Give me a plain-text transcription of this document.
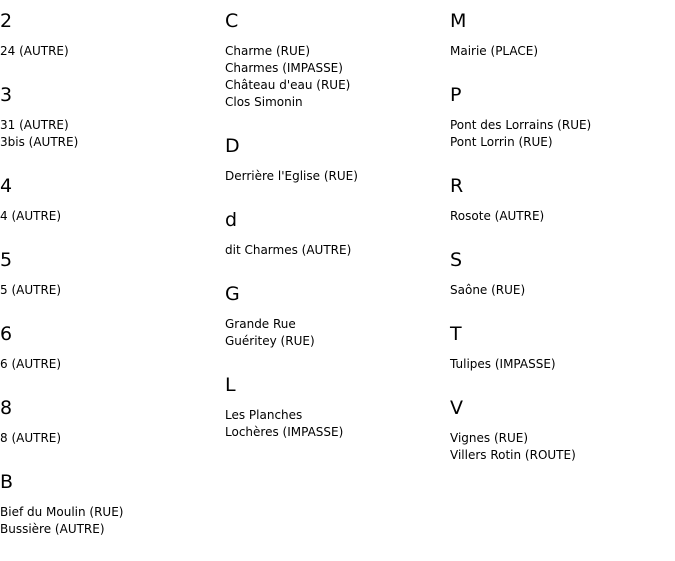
2
24 (AUTRE)
3
31 (AUTRE)
3bis (AUTRE)
4
4 (AUTRE)
5
5 (AUTRE)
6
6 (AUTRE)
8
8 (AUTRE)
B
Bief du Moulin (RUE)
Bussière (AUTRE)
C
Charme (RUE)
Charmes (IMPASSE)
Château d'eau (RUE)
Clos Simonin
D
Derrière l'Eglise (RUE)
d
dit Charmes (AUTRE)
G
Grande Rue
Guéritey (RUE)
L
Les Planches
Lochères (IMPASSE)
M
Mairie (PLACE)
P
Pont des Lorrains (RUE)
Pont Lorrin (RUE)
R
Rosote (AUTRE)
S
Saône (RUE)
T
Tulipes (IMPASSE)
V
Vignes (RUE)
Villers Rotin (ROUTE)
